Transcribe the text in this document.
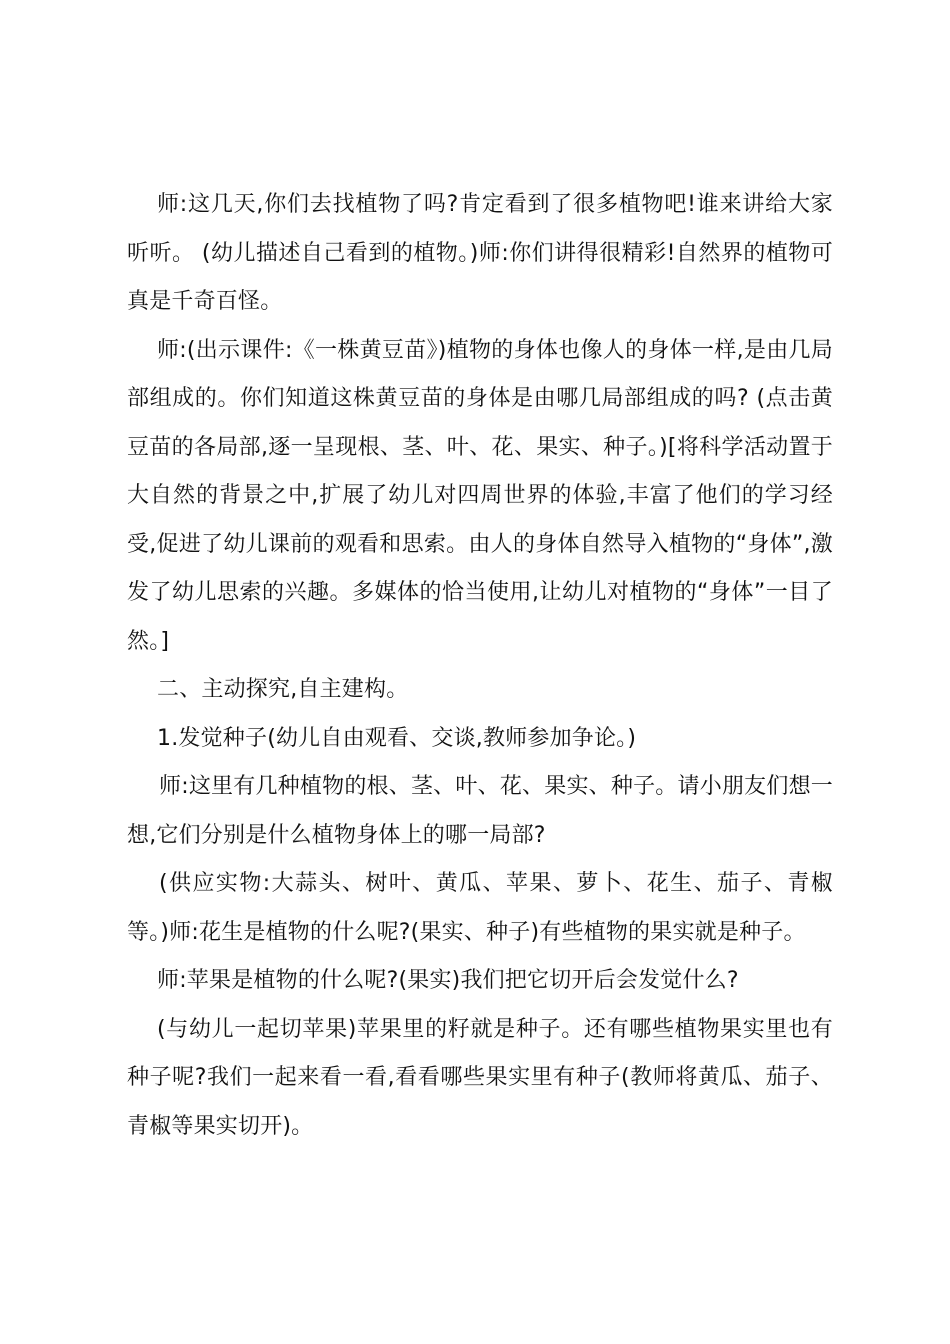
师:这几天,你们去找植物了吗?肯定看到了很多植物吧!谁来讲给大家听听。 (幼儿描述自己看到的植物。)师:你们讲得很精彩!自然界的植物可真是千奇百怪。

师:(出示课件:《一株黄豆苗》)植物的身体也像人的身体一样,是由几局部组成的。你们知道这株黄豆苗的身体是由哪几局部组成的吗? (点击黄豆苗的各局部,逐一呈现根、茎、叶、花、果实、种子。)[将科学活动置于大自然的背景之中,扩展了幼儿对四周世界的体验,丰富了他们的学习经受,促进了幼儿课前的观看和思索。由人的身体自然导入植物的“身体”,激发了幼儿思索的兴趣。多媒体的恰当使用,让幼儿对植物的“身体”一目了然。]

二、主动探究,自主建构。

1.发觉种子(幼儿自由观看、交谈,教师参加争论。)

师:这里有几种植物的根、茎、叶、花、果实、种子。请小朋友们想一想,它们分别是什么植物身体上的哪一局部?

(供应实物:大蒜头、树叶、黄瓜、苹果、萝卜、花生、茄子、青椒等。)师:花生是植物的什么呢?(果实、种子)有些植物的果实就是种子。

师:苹果是植物的什么呢?(果实)我们把它切开后会发觉什么?

(与幼儿一起切苹果)苹果里的籽就是种子。还有哪些植物果实里也有种子呢?我们一起来看一看,看看哪些果实里有种子(教师将黄瓜、茄子、青椒等果实切开)。
